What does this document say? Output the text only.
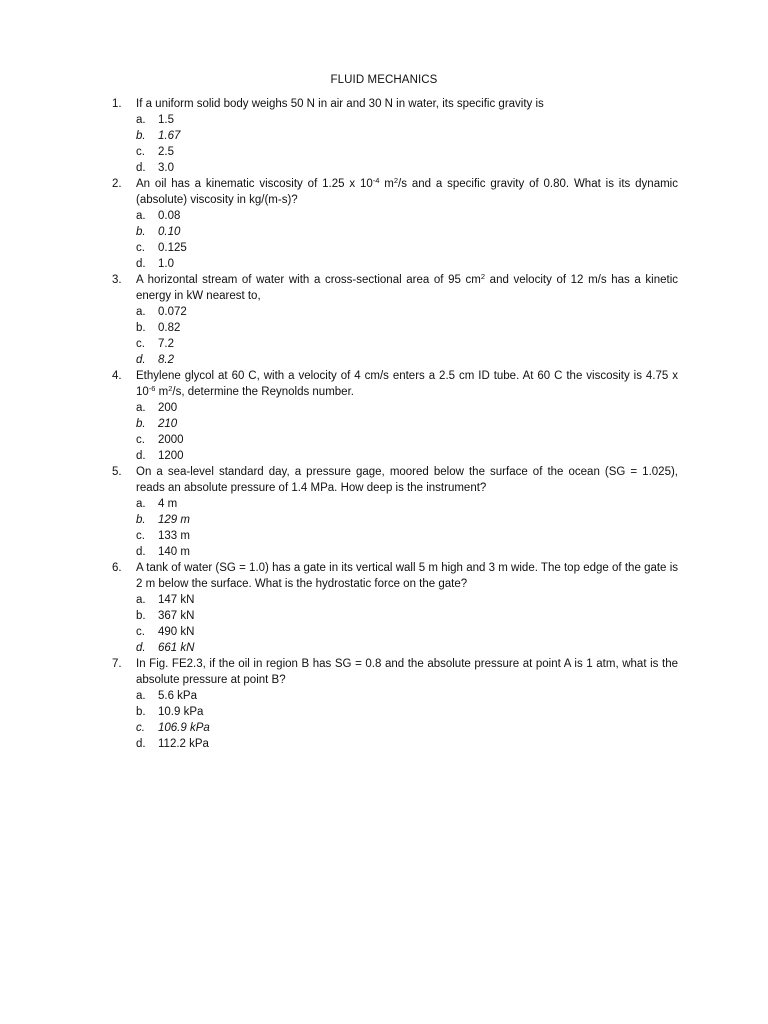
FLUID MECHANICS
1. If a uniform solid body weighs 50 N in air and 30 N in water, its specific gravity is
a. 1.5
b. 1.67
c. 2.5
d. 3.0
2. An oil has a kinematic viscosity of 1.25 x $10^{-4}$ $m^2/s$ and a specific gravity of 0.80. What is its dynamic (absolute) viscosity in kg/(m-s)?
a. 0.08
b. 0.10
c. 0.125
d. 1.0
3. A horizontal stream of water with a cross-sectional area of 95 $cm^2$ and velocity of 12 m/s has a kinetic energy in kW nearest to,
a. 0.072
b. 0.82
c. 7.2
d. 8.2
4. Ethylene glycol at 60 C, with a velocity of 4 cm/s enters a 2.5 cm ID tube. At 60 C the viscosity is 4.75 x $10^{-6}$ $m^2/s$, determine the Reynolds number.
a. 200
b. 210
c. 2000
d. 1200
5. On a sea-level standard day, a pressure gage, moored below the surface of the ocean (SG = 1.025), reads an absolute pressure of 1.4 MPa. How deep is the instrument?
a. 4 m
b. 129 m
c. 133 m
d. 140 m
6. A tank of water (SG = 1.0) has a gate in its vertical wall 5 m high and 3 m wide. The top edge of the gate is 2 m below the surface. What is the hydrostatic force on the gate?
a. 147 kN
b. 367 kN
c. 490 kN
d. 661 kN
7. In Fig. FE2.3, if the oil in region B has SG = 0.8 and the absolute pressure at point A is 1 atm, what is the absolute pressure at point B?
a. 5.6 kPa
b. 10.9 kPa
c. 106.9 kPa
d. 112.2 kPa
